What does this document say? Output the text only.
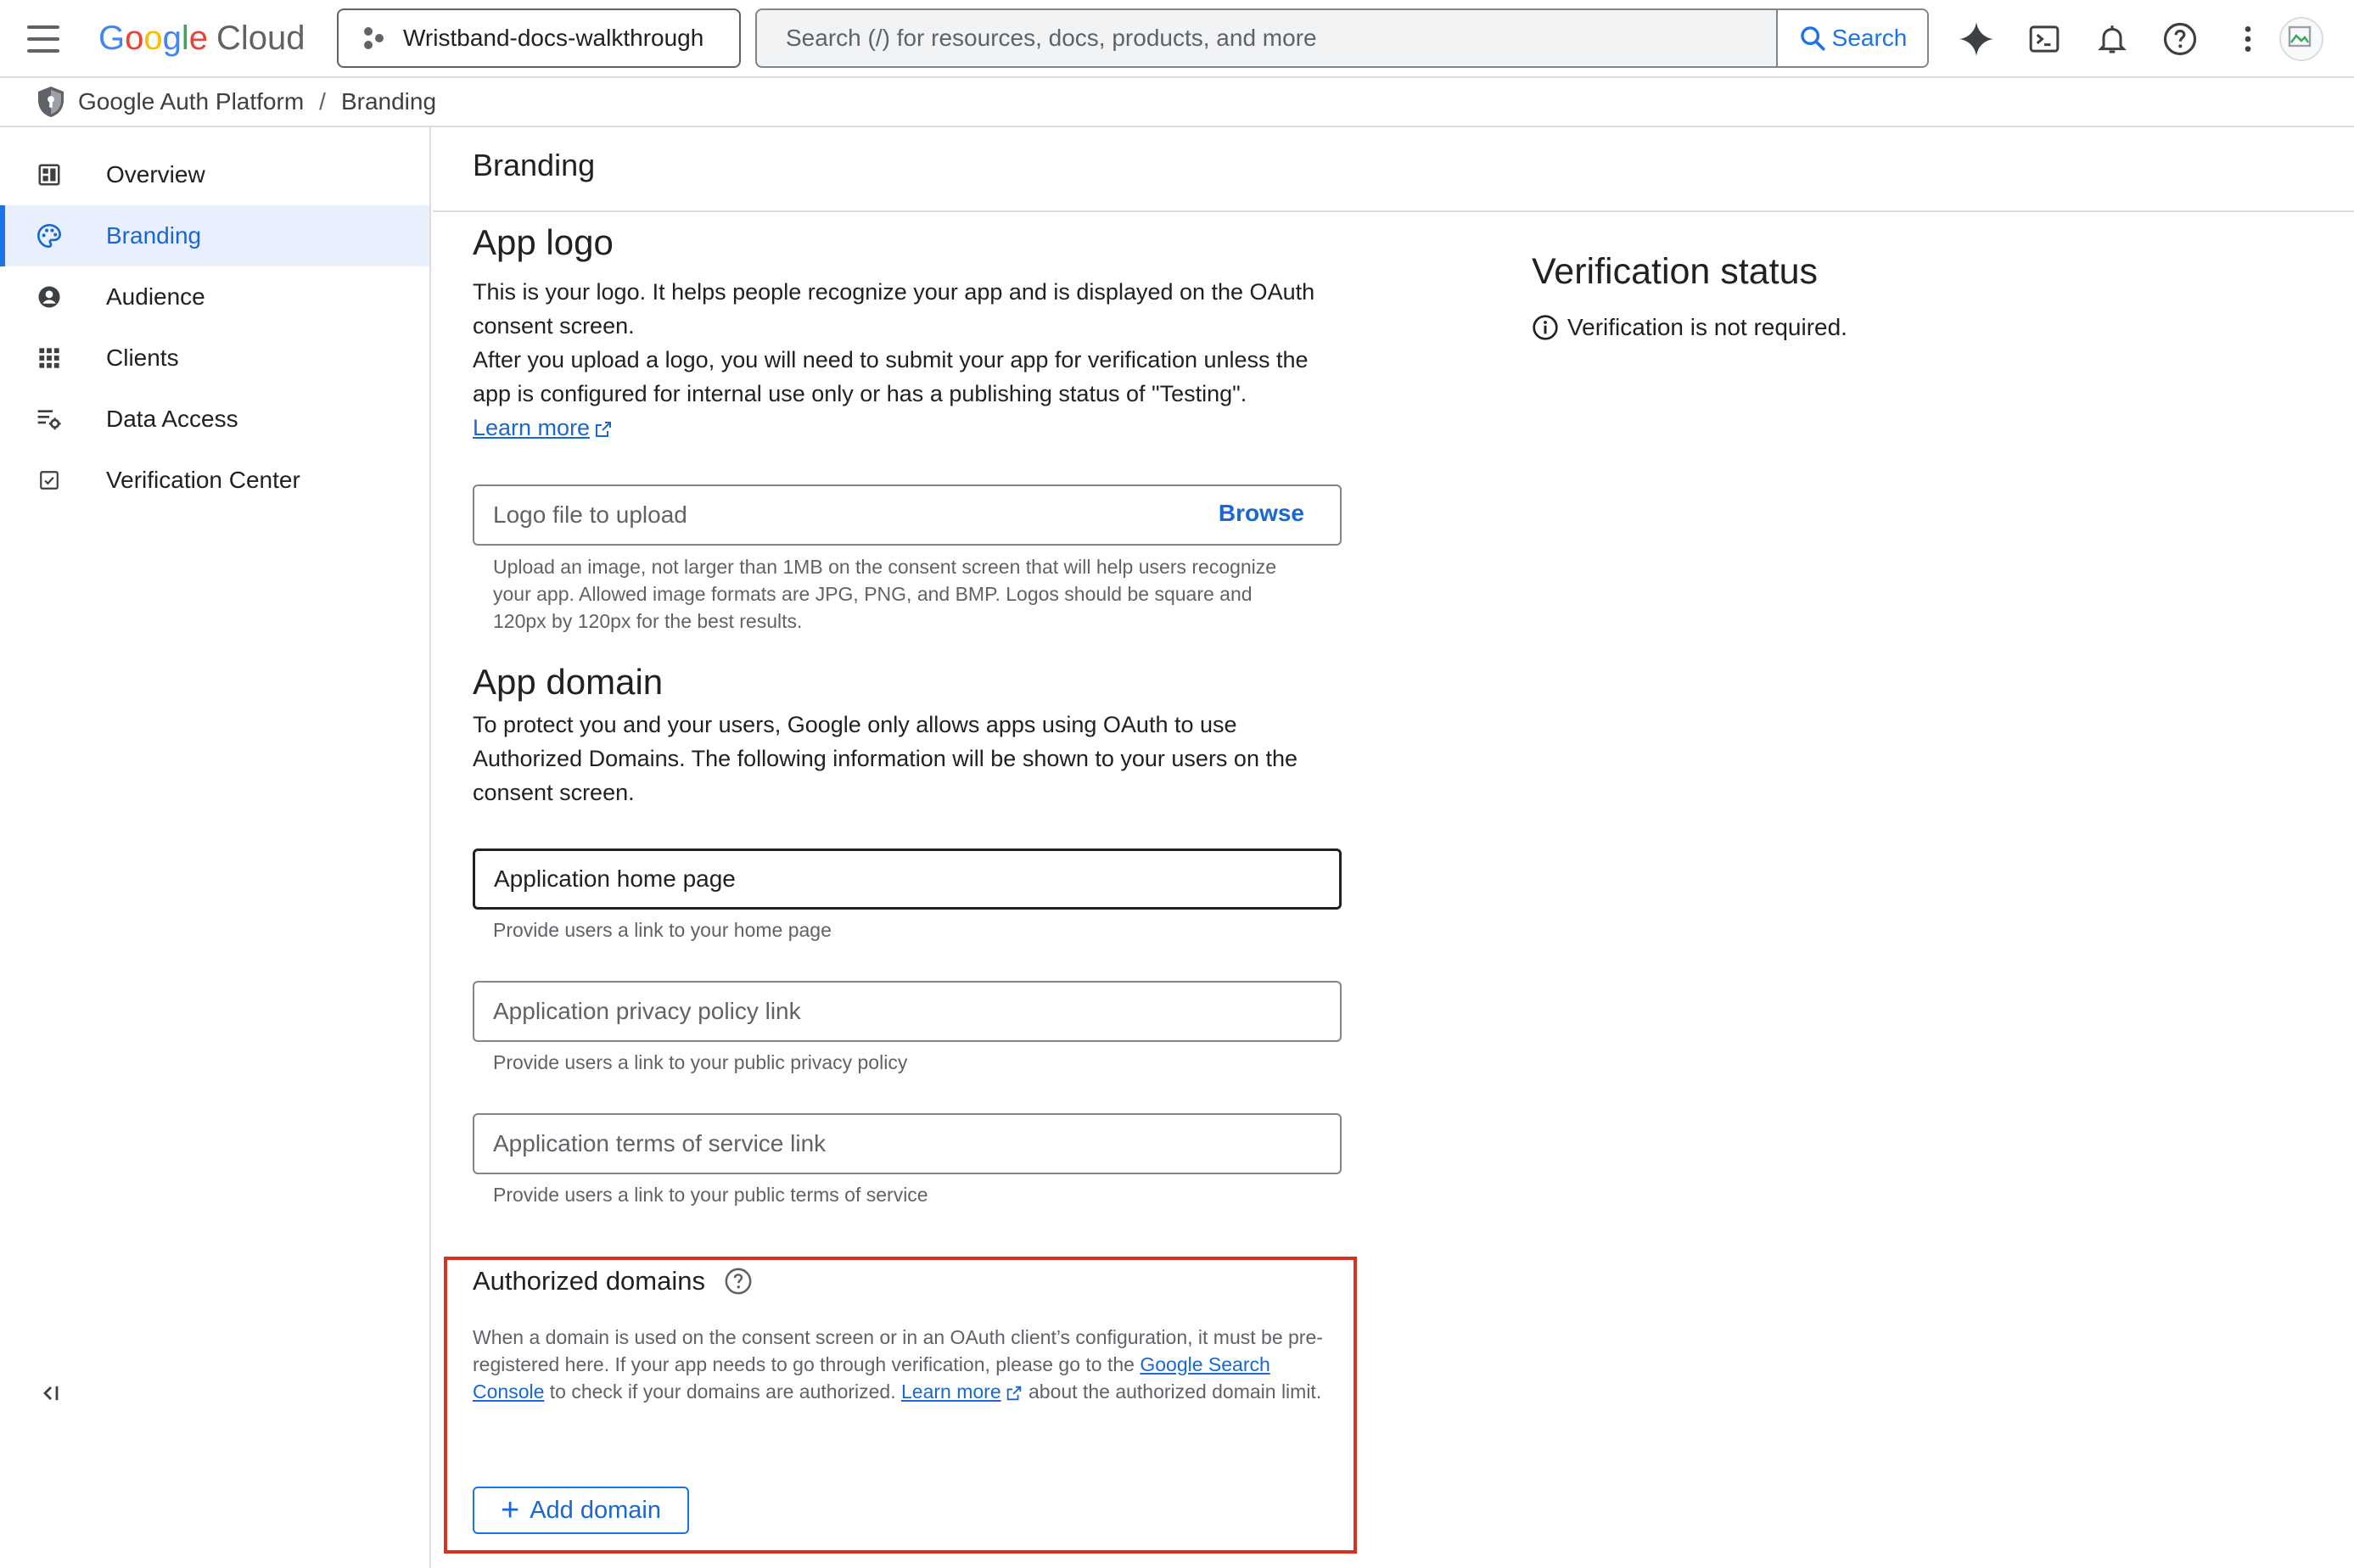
Google Cloud	Wristband-docs-walkthrough
Search (/) for resources, docs, products, and more	Search
Google Auth Platform / Branding
Overview
Branding
Audience
Clients
Data Access
Verification Center
Branding
App logo

This is your logo. It helps people recognize your app and is displayed on the OAuth consent screen.

After you upload a logo, you will need to submit your app for verification unless the app is configured for internal use only or has a publishing status of "Testing".

Learn more

Logo file to upload
Browse

Upload an image, not larger than 1MB on the consent screen that will help users recognize your app. Allowed image formats are JPG, PNG, and BMP. Logos should be square and 120px by 120px for the best results.

App domain

To protect you and your users, Google only allows apps using OAuth to use Authorized Domains. The following information will be shown to your users on the consent screen.

Application home page

Provide users a link to your home page

Application privacy policy link

Provide users a link to your public privacy policy

Application terms of service link

Provide users a link to your public terms of service

Authorized domains

When a domain is used on the consent screen or in an OAuth client’s configuration, it must be pre-registered here. If your app needs to go through verification, please go to the Google Search Console to check if your domains are authorized. Learn more about the authorized domain limit.

+ Add domain
Verification status
Verification is not required.
